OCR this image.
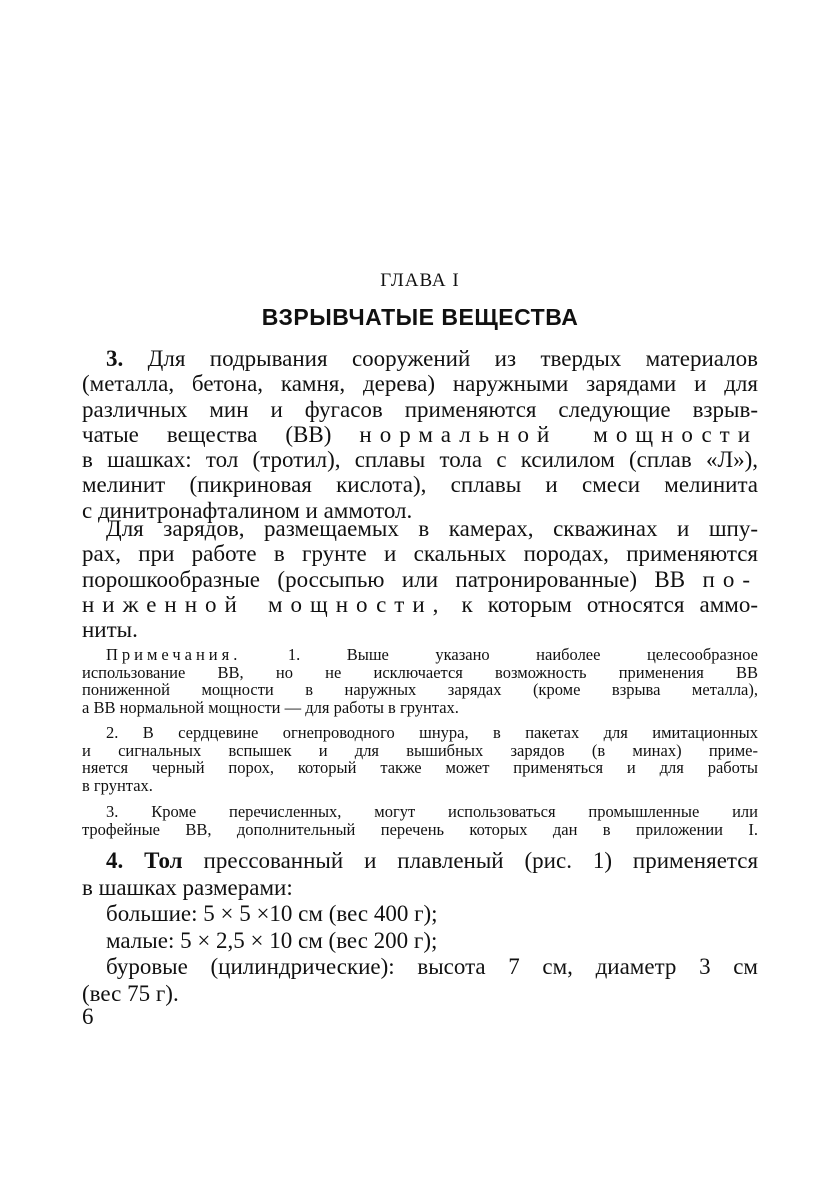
ГЛАВА I
ВЗРЫВЧАТЫЕ ВЕЩЕСТВА
3. Для подрывания сооружений из твердых материалов
(металла, бетона, камня, дерева) наружными зарядами и для
различных мин и фугасов применяются следующие взрыв-
чатые вещества (ВВ) нормальной мощности
в шашках: тол (тротил), сплавы тола с ксилилом (сплав «Л»),
мелинит (пикриновая кислота), сплавы и смеси мелинита
с динитронафталином и аммотол.
Для зарядов, размещаемых в камерах, скважинах и шпу-
рах, при работе в грунте и скальных породах, применяются
порошкообразные (россыпью или патронированные) ВВ по-
ниженной мощности, к которым относятся аммо-
ниты.
Примечания.	1. Выше указано наиболее целесообразное
использование ВВ, но не исключается возможность применения ВВ
пониженной мощности в наружных зарядах (кроме взрыва металла),
а ВВ нормальной мощности — для работы в грунтах.
2. В сердцевине огнепроводного шнура, в пакетах для имитационных
и сигнальных вспышек и для вышибных зарядов (в минах) приме-
няется черный порох, который также может применяться и для работы
в грунтах.
3. Кроме перечисленных, могут использоваться промышленные или
трофейные ВВ, дополнительный перечень которых дан в приложении I.
4. Тол прессованный и плавленый (рис. 1) применяется
в шашках размерами:
большие: 5 × 5 ×10 см (вес 400 г);
малые: 5 × 2,5 × 10 см (вес 200 г);
буровые (цилиндрические): высота 7 см, диаметр 3 см
(вес 75 г).
6
